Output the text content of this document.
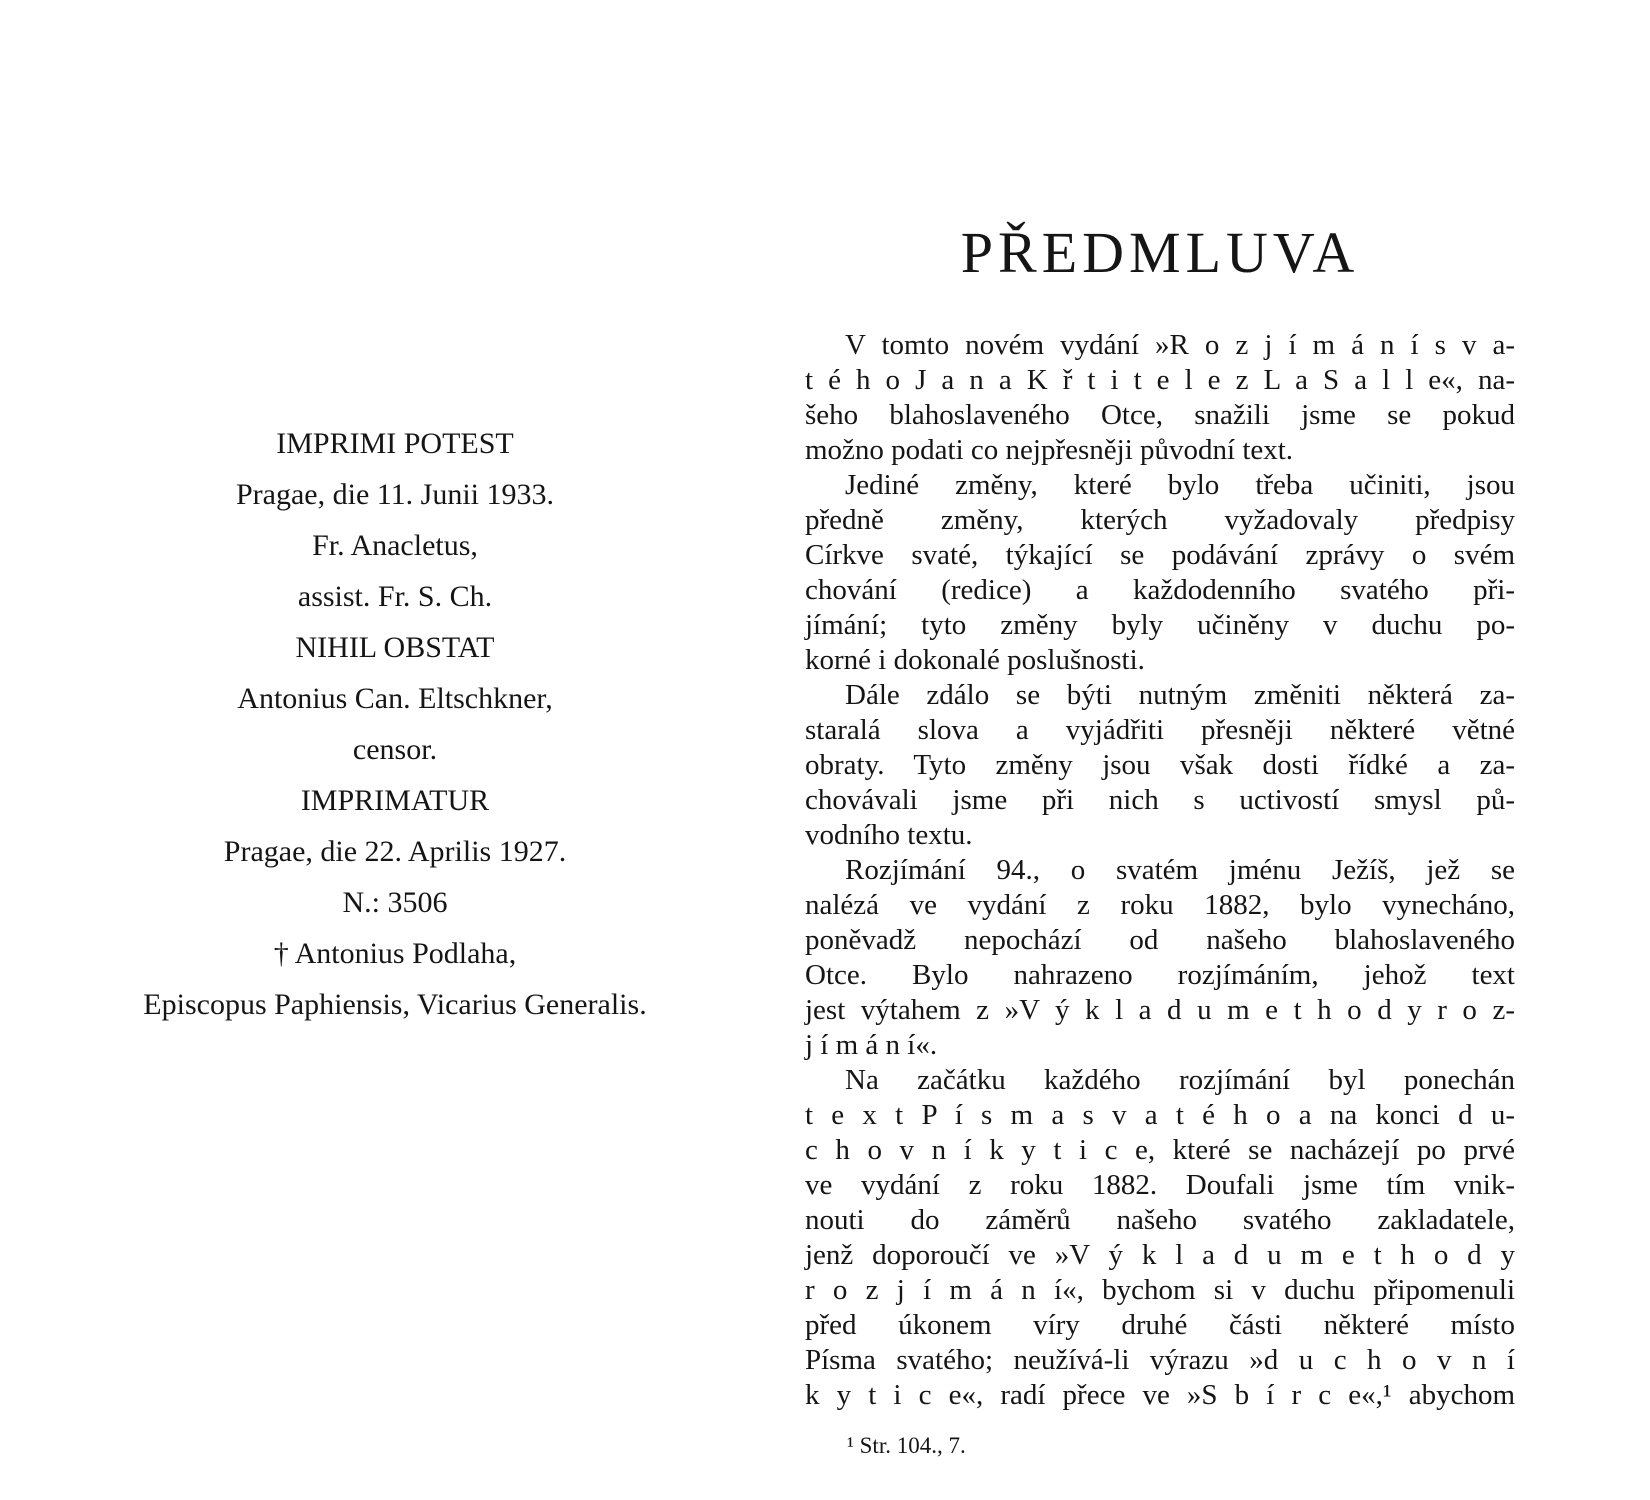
IMPRIMI POTEST
Pragae, die 11. Junii 1933.
Fr. Anacletus,
assist. Fr. S. Ch.
NIHIL OBSTAT
Antonius Can. Eltschkner,
censor.
IMPRIMATUR
Pragae, die 22. Aprilis 1927.
N.: 3506
† Antonius Podlaha,
Episcopus Paphiensis, Vicarius Generalis.
PŘEDMLUVA
V tomto novém vydání »R o z j í m á n í s v a-
t é h o J a n a K ř t i t e l e z L a S a l l e«, na-
šeho blahoslaveného Otce, snažili jsme se pokud
možno podati co nejpřesněji původní text.
Jediné změny, které bylo třeba učiniti, jsou
předně změny, kterých vyžadovaly předpisy
Církve svaté, týkající se podávání zprávy o svém
chování (redice) a každodenního svatého při-
jímání; tyto změny byly učiněny v duchu po-
korné i dokonalé poslušnosti.
Dále zdálo se býti nutným změniti některá za-
staralá slova a vyjádřiti přesněji některé větné
obraty. Tyto změny jsou však dosti řídké a za-
chovávali jsme při nich s uctivostí smysl pů-
vodního textu.
Rozjímání 94., o svatém jménu Ježíš, jež se
nalézá ve vydání z roku 1882, bylo vynecháno,
poněvadž nepochází od našeho blahoslaveného
Otce. Bylo nahrazeno rozjímáním, jehož text
jest výtahem z »V ý k l a d u m e t h o d y r o z-
j í m á n í«.
Na začátku každého rozjímání byl ponechán
t e x t P í s m a s v a t é h o a na konci d u-
c h o v n í k y t i c e, které se nacházejí po prvé
ve vydání z roku 1882. Doufali jsme tím vnik-
nouti do záměrů našeho svatého zakladatele,
jenž doporoučí ve »V ý k l a d u m e t h o d y
r o z j í m á n í«, bychom si v duchu připomenuli
před úkonem víry druhé části některé místo
Písma svatého; neužívá-li výrazu »d u c h o v n í
k y t i c e«, radí přece ve »S b í r c e«,¹ abychom
¹ Str. 104., 7.
